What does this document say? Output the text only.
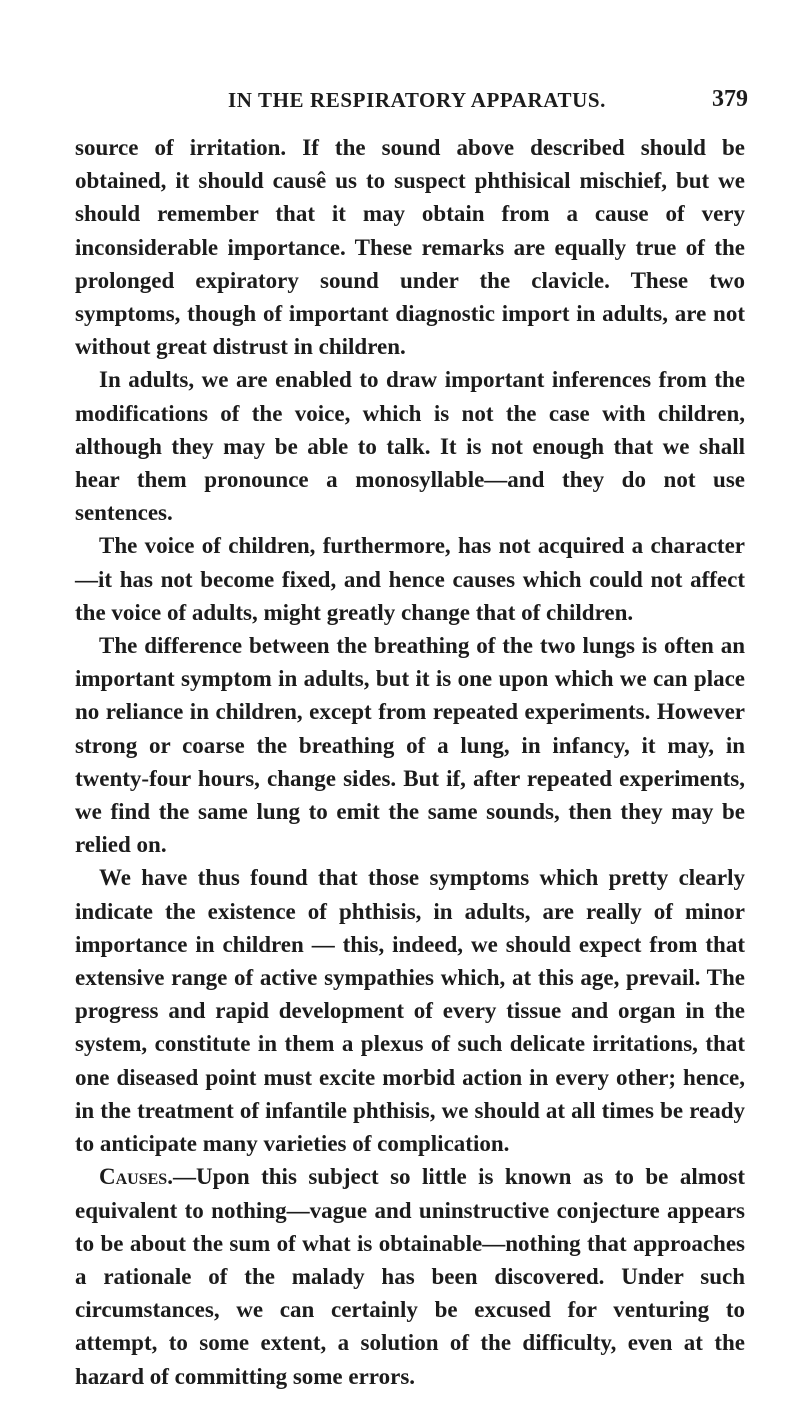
IN THE RESPIRATORY APPARATUS.	379

source of irritation. If the sound above described should be obtained, it should causê us to suspect phthisical mischief, but we should remember that it may obtain from a cause of very inconsiderable importance. These remarks are equally true of the prolonged expiratory sound under the clavicle. These two symptoms, though of important diagnostic import in adults, are not without great distrust in children.

In adults, we are enabled to draw important inferences from the modifications of the voice, which is not the case with children, although they may be able to talk. It is not enough that we shall hear them pronounce a monosyllable—and they do not use sentences.

The voice of children, furthermore, has not acquired a character—it has not become fixed, and hence causes which could not affect the voice of adults, might greatly change that of children.

The difference between the breathing of the two lungs is often an important symptom in adults, but it is one upon which we can place no reliance in children, except from repeated experiments. However strong or coarse the breathing of a lung, in infancy, it may, in twenty-four hours, change sides. But if, after repeated experiments, we find the same lung to emit the same sounds, then they may be relied on.

We have thus found that those symptoms which pretty clearly indicate the existence of phthisis, in adults, are really of minor importance in children — this, indeed, we should expect from that extensive range of active sympathies which, at this age, prevail. The progress and rapid development of every tissue and organ in the system, constitute in them a plexus of such delicate irritations, that one diseased point must excite morbid action in every other; hence, in the treatment of infantile phthisis, we should at all times be ready to anticipate many varieties of complication.

Causes.—Upon this subject so little is known as to be almost equivalent to nothing—vague and uninstructive conjecture appears to be about the sum of what is obtainable—nothing that approaches a rationale of the malady has been discovered. Under such circumstances, we can certainly be excused for venturing to attempt, to some extent, a solution of the difficulty, even at the hazard of committing some errors.
